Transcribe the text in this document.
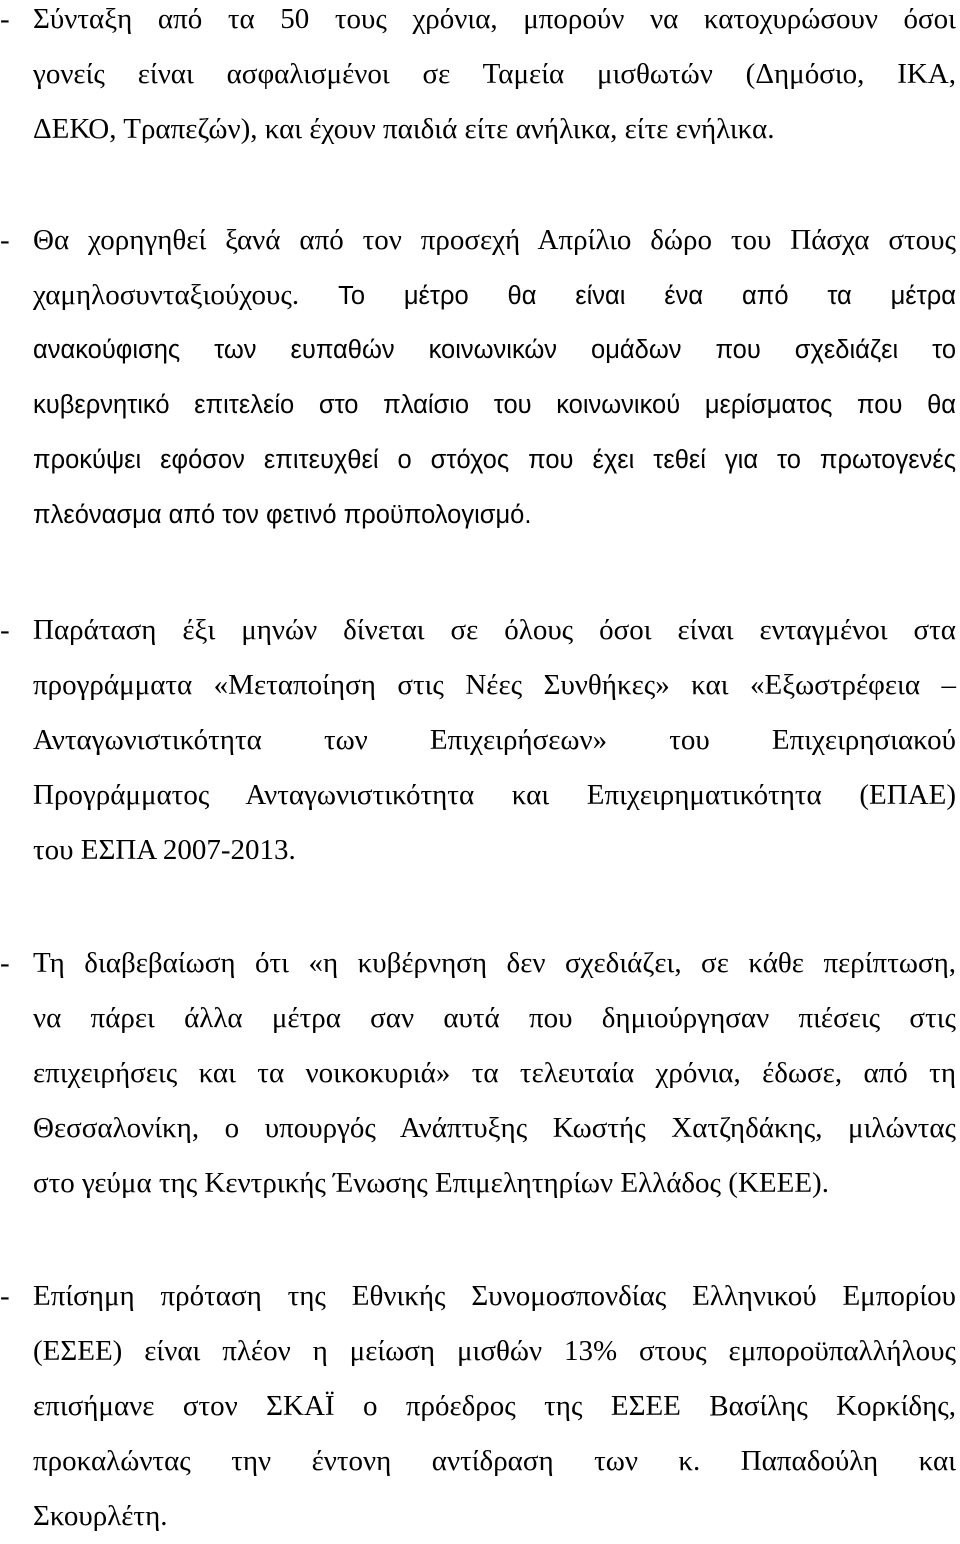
- Σύνταξη από τα 50 τους χρόνια, μπορούν να κατοχυρώσουν όσοι
γονείς είναι ασφαλισμένοι σε Ταμεία μισθωτών (Δημόσιο, ΙΚΑ,
ΔΕΚΟ, Τραπεζών), και έχουν παιδιά είτε ανήλικα, είτε ενήλικα.
- Θα χορηγηθεί ξανά από τον προσεχή Απρίλιο δώρο του Πάσχα στους
χαμηλοσυνταξιούχους. Το μέτρο θα είναι ένα από τα μέτρα
ανακούφισης των ευπαθών κοινωνικών ομάδων που σχεδιάζει το
κυβερνητικό επιτελείο στο πλαίσιο του κοινωνικού μερίσματος που θα
προκύψει εφόσον επιτευχθεί ο στόχος που έχει τεθεί για το πρωτογενές
πλεόνασμα από τον φετινό προϋπολογισμό.
- Παράταση έξι μηνών δίνεται σε όλους όσοι είναι ενταγμένοι στα
προγράμματα «Μεταποίηση στις Νέες Συνθήκες» και «Εξωστρέφεια –
Ανταγωνιστικότητα των Επιχειρήσεων» του Επιχειρησιακού
Προγράμματος Ανταγωνιστικότητα και Επιχειρηματικότητα (ΕΠΑΕ)
του ΕΣΠΑ 2007-2013.
- Τη διαβεβαίωση ότι «η κυβέρνηση δεν σχεδιάζει, σε κάθε περίπτωση,
να πάρει άλλα μέτρα σαν αυτά που δημιούργησαν πιέσεις στις
επιχειρήσεις και τα νοικοκυριά» τα τελευταία χρόνια, έδωσε, από τη
Θεσσαλονίκη, ο υπουργός Ανάπτυξης Κωστής Χατζηδάκης, μιλώντας
στο γεύμα της Κεντρικής Ένωσης Επιμελητηρίων Ελλάδος (ΚΕΕΕ).
- Επίσημη πρόταση της Εθνικής Συνομοσπονδίας Ελληνικού Εμπορίου
(ΕΣΕΕ) είναι πλέον η μείωση μισθών 13% στους εμποροϋπαλλήλους
επισήμανε στον ΣΚΑΪ ο πρόεδρος της ΕΣΕΕ Βασίλης Κορκίδης,
προκαλώντας την έντονη αντίδραση των κ. Παπαδούλη και
Σκουρλέτη.
